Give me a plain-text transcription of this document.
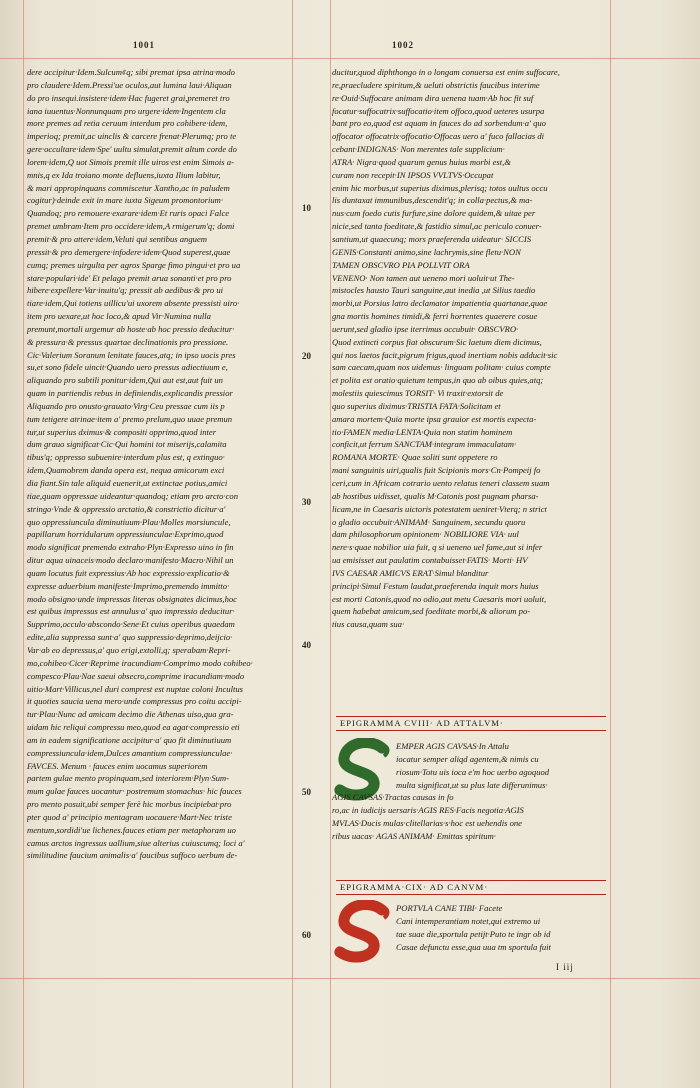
1001	1002
dere accipitur·Idem.Sulcum¢q; sibi premat ipsa atrina·modo
pro claudere·Idem.Pressi'ue oculos,aut lumina laui·Aliquan
do pro insequi.insistere·idem·Hac fugeret grai,premeret tro
iana iuuentus·Nonnunquam pro urgere·idem·Ingentem cla
more premes ad retia ceruum interdum pro cohibere·idem,
imperioq; premit,ac uinclis & carcere frenat·Plerumq; pro te
gere·occultare·idem·Spe' uultu simulat,premit altum corde do
lorem·idem,Q uot Simois premit ille uiros·est enim Simois a-
mnis,q ex Ida troiano monte defluens,iuxta Ilium labitur,
& mari appropinquans commiscetur Xantho,ac in paludem
cogitur)·deinde exit in mare iuxta Sigeum promontorium·
Quandoq; pro remouere·exarare·idem·Et ruris opaci Falce
premet umbram·Item pro occidere·idem,A rmigerum'q; domi
premit·& pro attere·idem,Veluti qui sentibus anguem
pressit·& pro demergere·infodere·idem·Quod superest,quae
cumq; premes uirgulta per agros Sparge fimo pingui·et pro ua
stare·populari·ide' Et pelago premit arua sonanti·et pro pro
hibere·expellere·Var·inuitu'q; pressit ab aedibus·& pro ui
tiare·idem,Qui totiens uillicu'ui uxorem absente pressisti uiro·
item pro uexare,ut hoc loco,& apud Vir·Numina nulla
premunt,mortali urgemur ab hoste·ab hoc pressio deducitur·
& pressura·& pressus quartae declinationis pro pressione.
Cic·Valerium Soranum lenitate fauces,atq; in ipso uocis pres
su,et sono fidele uincit·Quando uero pressus adiectiuum e,
aliquando pro subtili ponitur·idem,Qui aut est,aut fuit un
quam in partiendis rebus in definiendis,explicandis pressior
Aliquando pro onusto·grauato·Virg·Ceu pressae cum iis p
tum tetigere atrinae·item a' premo prelum,quo uuae premun
tur,ut superius dximus·& compositi opprimo,quod inter
dum grauo significat·Cic·Qui homini tot miserijs,calamita
tibus'q; oppresso subuenire·interdum plus est, q extinguo·
idem,Quamobrem danda opera est, nequa amicorum exci
dia fiant.Sin tale aliquid euenerit,ut extinctae potius,amici
tiae,quam oppressae uideantur·quandoq; etiam pro arcto·con
stringo·Vnde & oppressio arctatio,& constrictio dicitur·a'
quo oppressiuncula diminutiuum·Plau·Molles morsiuncule,
papillarum horridularum oppressiunculae·Exprimo,quod
modo significat premendo extraho·Plyn·Expresso uino in fin
ditur aqua uinaceis·modo declaro·manifesto·Macro·Nihil un
quam locutus fuit expressius·Ab hoc expressio·explicatio·&
expresse aduerbium manifeste·Imprimo,premendo immitto·
modo obsigno·unde impressas literas obsignates dicimus,hoc
est quibus impressus est annulus·a' quo impressio deducitur·
Supprimo,occulo·abscondo·Sene·Et cuius operibus quaedam
edite,alia suppressa sunt·a' quo suppressio·deprimo,deijcio·
Var·ab eo depressus,a' quo erigi,extolli,q; sperabam·Repri-
mo,cohibeo·Cicer·Reprime iracundiam·Comprimo modo cohibeo·
compesco·Plau·Nae saeui obsecro,comprime iracundiam·modo
uitio·Mart·Villicus,nel duri comprest est nuptae coloni Incultus
it quoties saucia uena mero·unde compressus pro coitu accipi-
tur·Plau·Nunc ad amicam decimo die Athenas uiso,qua gra-
uidam hic reliqui compressu meo,quod ea agat·compressio eti
am in eadem significatione accipitur·a' quo fit diminutiuum
compressiuncula·idem,Dulces amantium compressiunculae·
FAVCES. Menum · fauces enim uocamus superiorem
partem gulae mento propinquam,sed interiorem·Plyn·Sum-
mum gulae fauces uocantur· postremum stomachus· hic fauces
pro mento posuit,ubi semper ferè hic morbus incipiebat·pro
pter quod a' principio mentagram uocauere·Mart·Nec triste
mentum,sordidi'ue lichenes.fauces etiam per metaphoram uo
camus arctos ingressus uallium,siue alterius cuiuscumq; loci a'
similitudine faucium animalis·a' faucibus suffoco uerbum de-
10
20
30
40
50
60
ducitur,quod diphthongo in o longam conuersa est enim suffocare,
re,praecludere spiritum,& ueluti obstrictis faucibus interime
re·Ouid·Suffocare animam dira uenena tuam·Ab hoc fit suf
focatur·suffocatrix·suffocatio·item offoco,quod ueteres usurpa
bant pro eo,quod est aquam in fauces do ad sorbendum·a' quo
offocator offocatrix·offocatio·Offocas uero a' fuco fallacias di
cebant·INDIGNAS· Non merentes tale supplicium·
ATRA· Nigra·quod quarum genus huius morbi est,&
curam non recepit·IN IPSOS VVLTVS·Occupat
enim hic morbus,ut superius diximus,plerisq; totos uultus occu
lis duntaxat immunibus,descendit'q; in colla·pectus,& ma-
nus·cum foedo cutis furfure,sine dolore quidem,& uitae per
nicie,sed tanta foeditate,& fastidio simul,ac periculo conuer-
santium,ut quaecunq; mors praeferenda uideatur· SICCIS
GENIS·Constanti animo,sine lachrymis,sine fletu·NON
TAMEN OBSCVRO PIA POLLVIT ORA
VENENO· Non tamen aut ueneno mori uoluit·ut The-
mistocles hausto Tauri sanguine,aut inedia ,ut Silius taedio
morbi,ut Porsius latro declamator impatientia quartanae,quae
gna mortis homines timidi,& ferri horrentes quaerere cosue
uerunt,sed gladio ipse iterrimus occubuit· OBSCVRO·
Quod extincti corpus fiat obscurum·Sic laetum diem dicimus,
qui nos laetos facit,pigrum frigus,quod inertiam nobis adducit·sic
sam caecam,quam nos uidemus· linguam politam· cuius compte
et polita est oratio·quietum tempus,in quo ab oibus quies,atq;
molestiis quiescimus TORSIT· Vi traxit·extorsit de
quo superius diximus·TRISTIA FATA·Solicitam et
amara mortem·Quia morte ipsa grauior est mortis expecta-
tio·FAMEN media·LENTA·Quia non statim hominem
conficit,ut ferrum SANCTAM·integram immaculatam·
ROMANA MORTE· Quae soliti sunt oppetere ro
mani sanguinis uiri,qualis fuit Scipionis mors·Cn·Pompeij fo
ceri,cum in Africam cotrario uento relatus teneri classem suam
ab hostibus uidisset, qualis M·Catonis post pugnam pharsa-
licam,ne in Caesaris uictoris potestatem ueniret·Vterq; n strict
o gladio occubuit·ANIMAM· Sanguinem, secundu quoru
dam philosophorum opinionem· NOBILIORE VIA· uul
nere·s·quae nobilior uia fuit, q si ueneno uel fame,aut si infer
ua emisisset aut paulatim contabuisset·FATIS· Morti· HV
IVS CAESAR AMICVS ERAT·Simul blanditur
principi·Simul Festum laudat,praeferenda inquit mors huius
est morti Catonis,quod no odio,aut metu Caesaris mori uoluit,
quem habebat amicum,sed foeditate morbi,& aliorum po-
tius causa,quam sua·
EPIGRAMMA CVIII· AD ATTALVM·
EMPER AGIS CAVSAS·In Attalu
iocatur semper aliqd agentem,& nimis cu
riosum·Totu uis ioca e'm hoc uerbo agoquod
multa significat,ut su plus late differunimus·
AGIS CAVSAS·Tractas causas in fo
ro,ac in iudicijs uersaris·AGIS RES·Facis negotia·AGIS
MVLAS·Ducis mulas·clitellarias·s·hoc est uehendis one
ribus uacas· AGAS ANIMAM· Emittas spiritum·
EPIGRAMMA·CIX· AD CANVM·
PORTVLA CANE TIBI· Facete
Cani intemperantiam notet,qui extremo ui
tae suae die,sportula petijt·Puto te ingr ob id
Casae defunctu esse,qua uua tm sportula fuit
I iij
